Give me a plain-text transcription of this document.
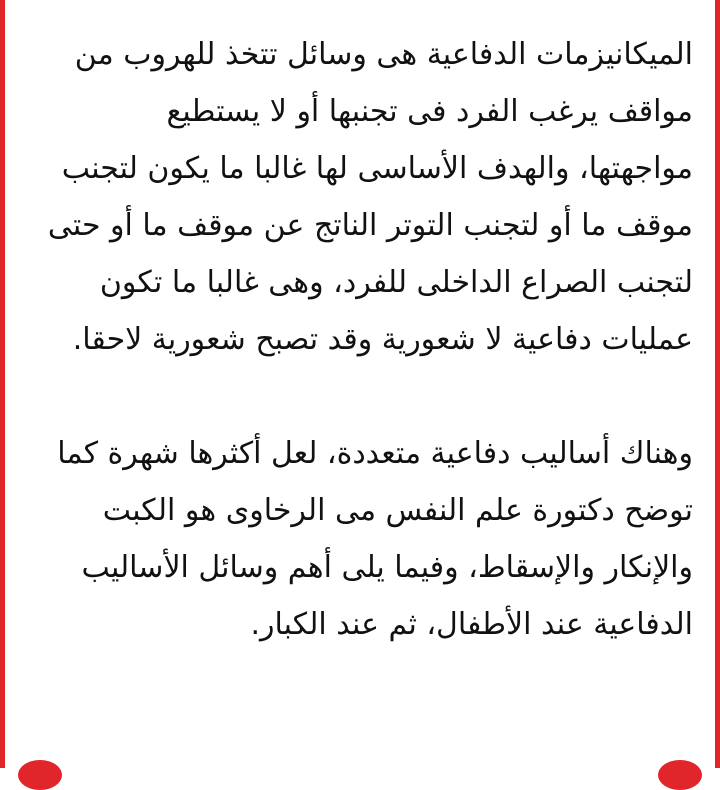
الميكانيزمات الدفاعية هى وسائل تتخذ للهروب من مواقف يرغب الفرد فى تجنبها أو لا يستطيع مواجهتها، والهدف الأساسى لها غالبا ما يكون لتجنب موقف ما أو لتجنب التوتر الناتج عن موقف ما أو حتى لتجنب الصراع الداخلى للفرد، وهى غالبا ما تكون عمليات دفاعية لا شعورية وقد تصبح شعورية لاحقا.

وهناك أساليب دفاعية متعددة، لعل أكثرها شهرة كما توضح دكتورة علم النفس مى الرخاوى هو الكبت والإنكار والإسقاط، وفيما يلى أهم وسائل الأساليب الدفاعية عند الأطفال، ثم عند الكبار.
